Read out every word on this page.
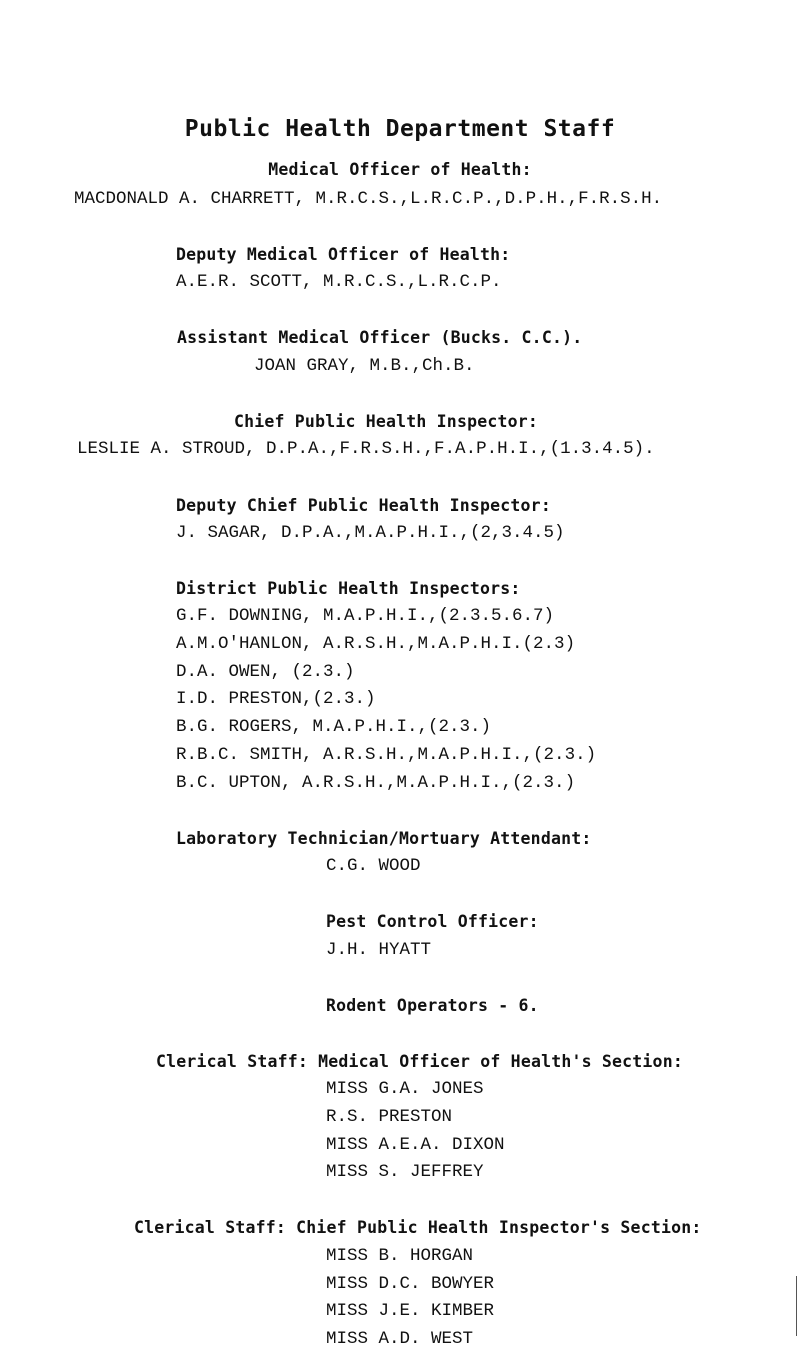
Public Health Department Staff
Medical Officer of Health:
MACDONALD A. CHARRETT, M.R.C.S.,L.R.C.P.,D.P.H.,F.R.S.H.
Deputy Medical Officer of Health:
A.E.R. SCOTT, M.R.C.S.,L.R.C.P.
Assistant Medical Officer (Bucks. C.C.).
JOAN GRAY, M.B.,Ch.B.
Chief Public Health Inspector:
LESLIE A. STROUD, D.P.A.,F.R.S.H.,F.A.P.H.I.,(1.3.4.5).
Deputy Chief Public Health Inspector:
J. SAGAR, D.P.A.,M.A.P.H.I.,(2,3.4.5)
District Public Health Inspectors:
G.F. DOWNING, M.A.P.H.I.,(2.3.5.6.7)
A.M.O'HANLON, A.R.S.H.,M.A.P.H.I.(2.3)
D.A. OWEN, (2.3.)
I.D. PRESTON,(2.3.)
B.G. ROGERS, M.A.P.H.I.,(2.3.)
R.B.C. SMITH, A.R.S.H.,M.A.P.H.I.,(2.3.)
B.C. UPTON, A.R.S.H.,M.A.P.H.I.,(2.3.)
Laboratory Technician/Mortuary Attendant:
C.G. WOOD
Pest Control Officer:
J.H. HYATT
Rodent Operators - 6.
Clerical Staff: Medical Officer of Health's Section:
MISS G.A. JONES
R.S. PRESTON
MISS A.E.A. DIXON
MISS S. JEFFREY
Clerical Staff: Chief Public Health Inspector's Section:
MISS B. HORGAN
MISS D.C. BOWYER
MISS J.E. KIMBER
MISS A.D. WEST
